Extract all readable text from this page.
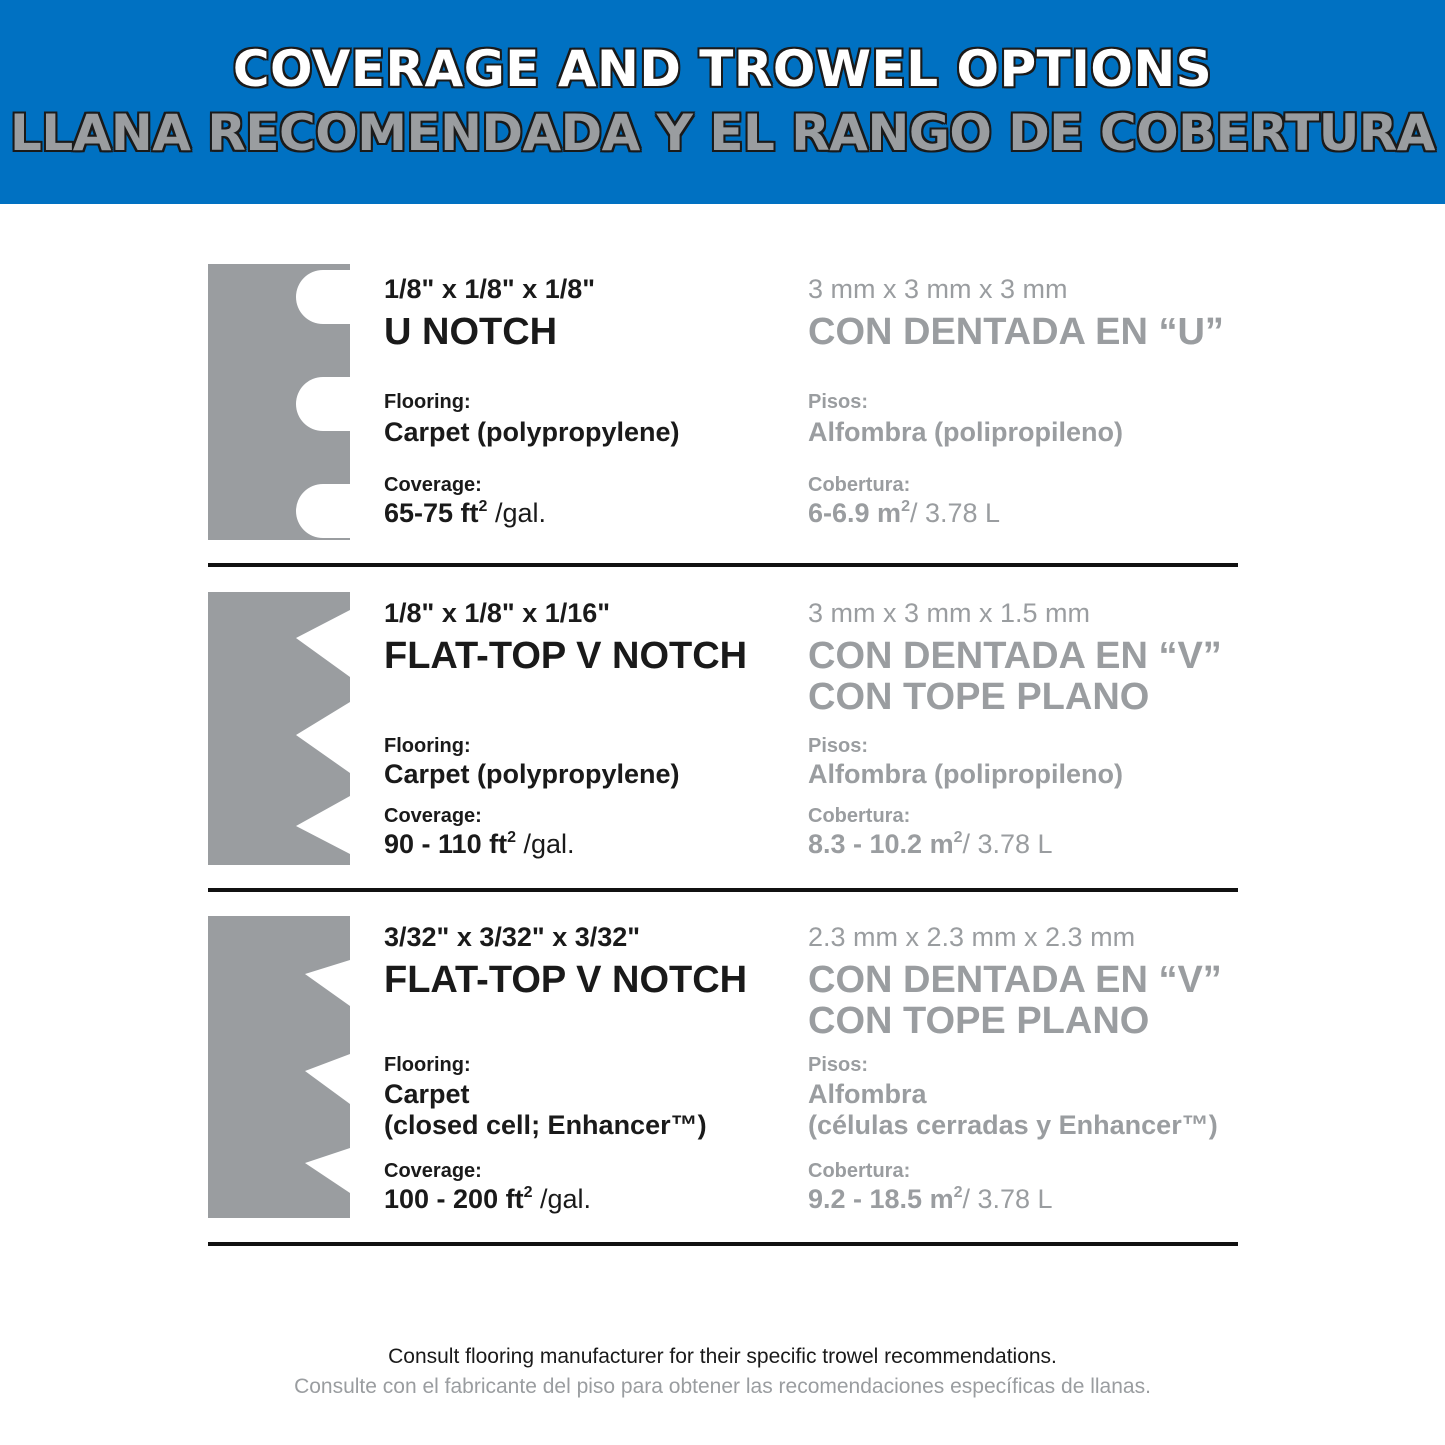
COVERAGE AND TROWEL OPTIONS
LLANA RECOMENDADA Y EL RANGO DE COBERTURA
1/8" x 1/8" x 1/8"
U NOTCH
Flooring:
Carpet (polypropylene)
Coverage:
65-75 $ft^2$ /gal.
3 mm x 3 mm x 3 mm
CON DENTADA EN “U”
Pisos:
Alfombra (polipropileno)
Cobertura:
6-6.9 $m^2/$ 3.78 L
1/8" x 1/8" x 1/16"
FLAT-TOP V NOTCH
Flooring:
Carpet (polypropylene)
Coverage:
90 - 110 $ft^2$ /gal.
3 mm x 3 mm x 1.5 mm
CON DENTADA EN “V”
CON TOPE PLANO
Pisos:
Alfombra (polipropileno)
Cobertura:
8.3 - 10.2 $m^2/$ 3.78 L
3/32" x 3/32" x 3/32"
FLAT-TOP V NOTCH
Flooring:
Carpet
(closed cell; Enhancer™)
Coverage:
100 - 200 $ft^2$ /gal.
2.3 mm x 2.3 mm x 2.3 mm
CON DENTADA EN “V”
CON TOPE PLANO
Pisos:
Alfombra
(células cerradas y Enhancer™)
Cobertura:
9.2 - 18.5 $m^2/$ 3.78 L
Consult flooring manufacturer for their specific trowel recommendations.
Consulte con el fabricante del piso para obtener las recomendaciones específicas de llanas.
